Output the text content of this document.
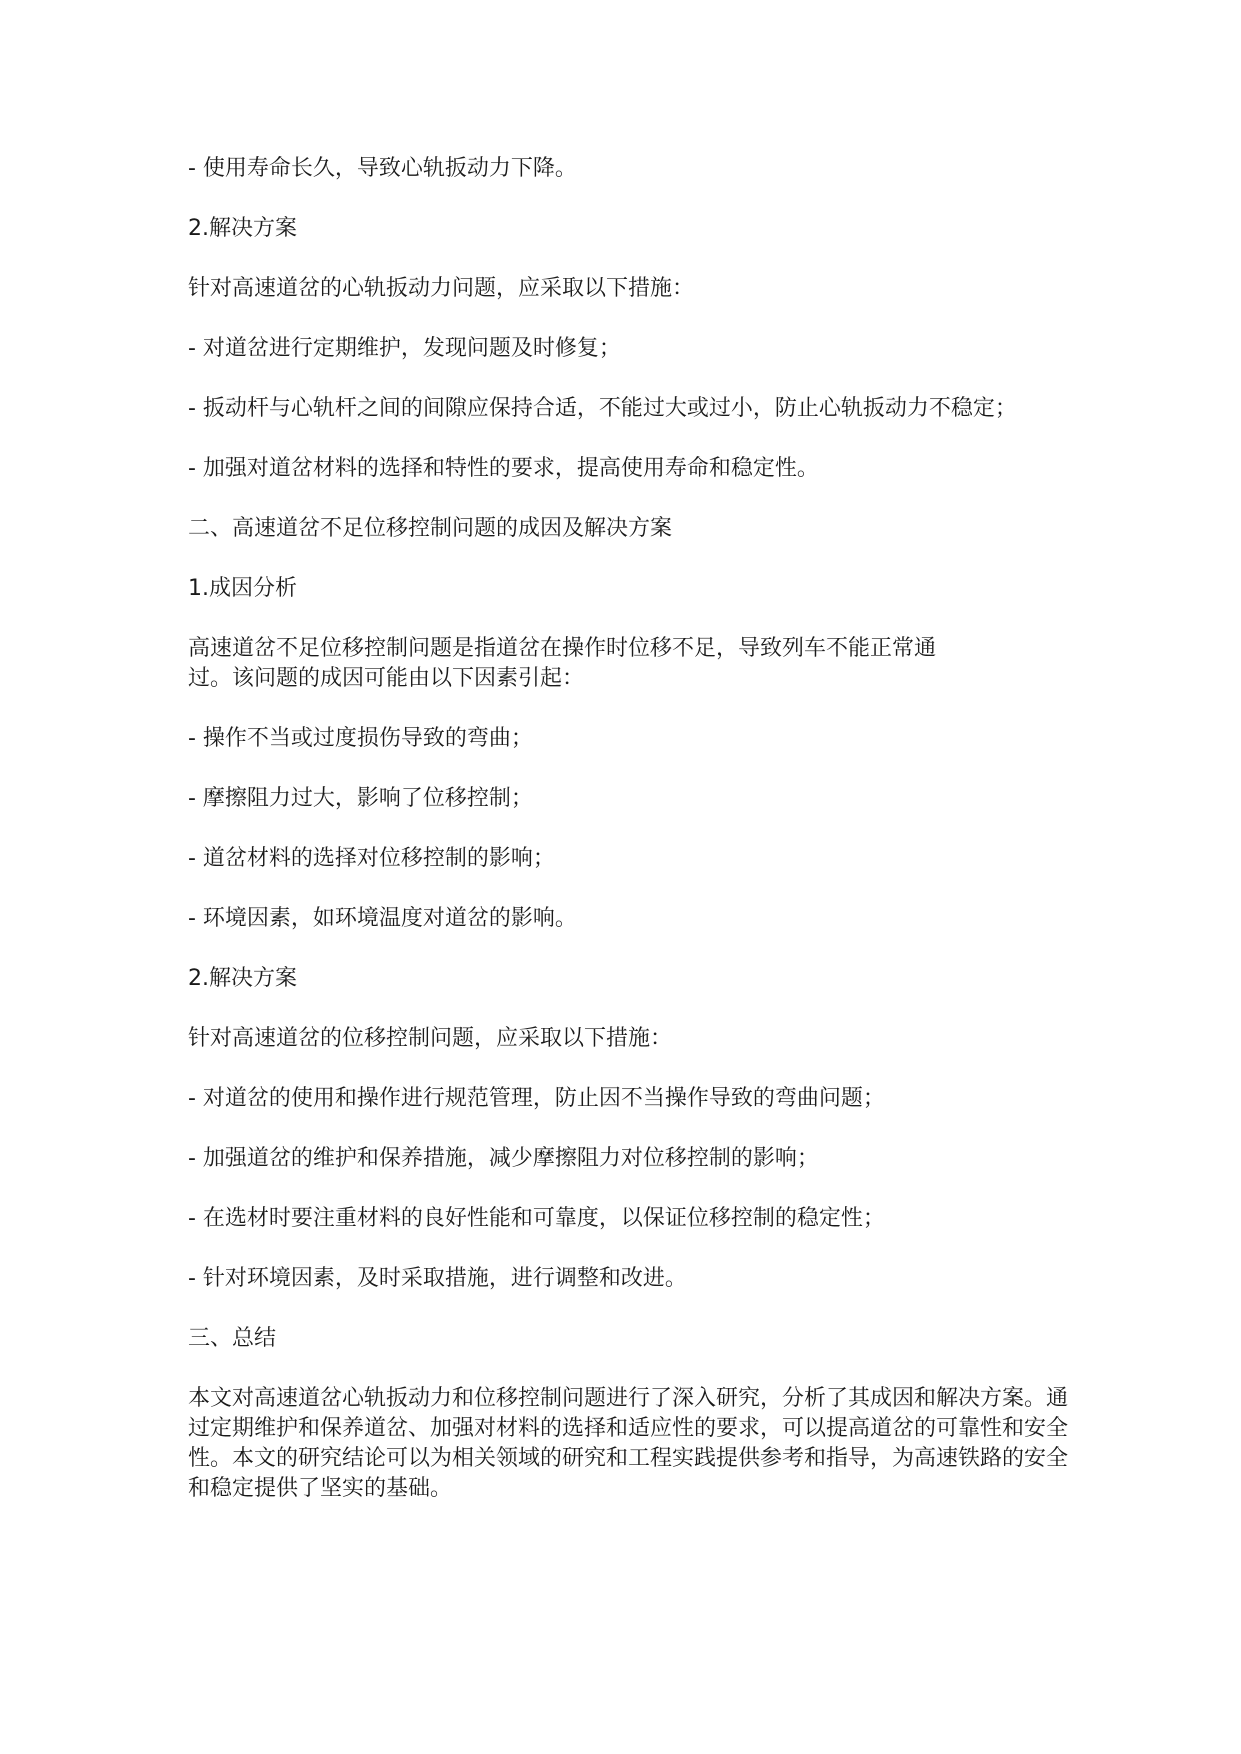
- 使用寿命长久，导致心轨扳动力下降。

2.解决方案

针对高速道岔的心轨扳动力问题，应采取以下措施：

- 对道岔进行定期维护，发现问题及时修复；

- 扳动杆与心轨杆之间的间隙应保持合适，不能过大或过小，防止心轨扳动力不稳定；

- 加强对道岔材料的选择和特性的要求，提高使用寿命和稳定性。

二、高速道岔不足位移控制问题的成因及解决方案

1.成因分析

高速道岔不足位移控制问题是指道岔在操作时位移不足，导致列车不能正常通过。该问题的成因可能由以下因素引起：

- 操作不当或过度损伤导致的弯曲；

- 摩擦阻力过大，影响了位移控制；

- 道岔材料的选择对位移控制的影响；

- 环境因素，如环境温度对道岔的影响。

2.解决方案

针对高速道岔的位移控制问题，应采取以下措施：

- 对道岔的使用和操作进行规范管理，防止因不当操作导致的弯曲问题；

- 加强道岔的维护和保养措施，减少摩擦阻力对位移控制的影响；

- 在选材时要注重材料的良好性能和可靠度，以保证位移控制的稳定性；

- 针对环境因素，及时采取措施，进行调整和改进。

三、总结

本文对高速道岔心轨扳动力和位移控制问题进行了深入研究，分析了其成因和解决方案。通过定期维护和保养道岔、加强对材料的选择和适应性的要求，可以提高道岔的可靠性和安全性。本文的研究结论可以为相关领域的研究和工程实践提供参考和指导，为高速铁路的安全和稳定提供了坚实的基础。
